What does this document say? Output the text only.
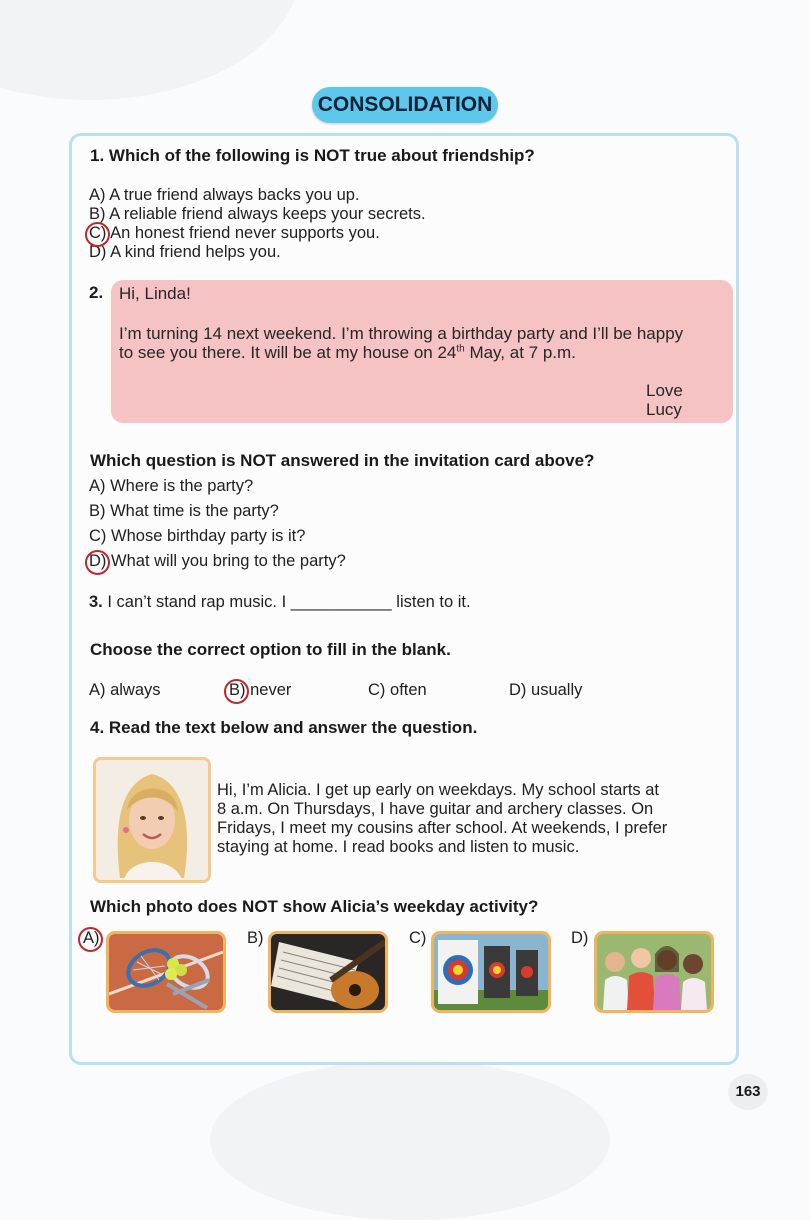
CONSOLIDATION
1. Which of the following is NOT true about friendship?
A) A true friend always backs you up.
B) A reliable friend always keeps your secrets.
C) An honest friend never supports you.
D) A kind friend helps you.
2. Hi, Linda!
I’m turning 14 next weekend. I’m throwing a birthday party and I’ll be happy
to see you there. It will be at my house on 24th May, at 7 p.m.
Love
Lucy
Which question is NOT answered in the invitation card above?
A) Where is the party?
B) What time is the party?
C) Whose birthday party is it?
D) What will you bring to the party?
3. I can’t stand rap music. I ___________ listen to it.
Choose the correct option to fill in the blank.
A) always	B) never	C) often	D) usually
4. Read the text below and answer the question.
Hi, I’m Alicia. I get up early on weekdays. My school starts at
8 a.m. On Thursdays, I have guitar and archery classes. On
Fridays, I meet my cousins after school. At weekends, I prefer
staying at home. I read books and listen to music.
Which photo does NOT show Alicia’s weekday activity?
A)	B)	C)	D)
163
